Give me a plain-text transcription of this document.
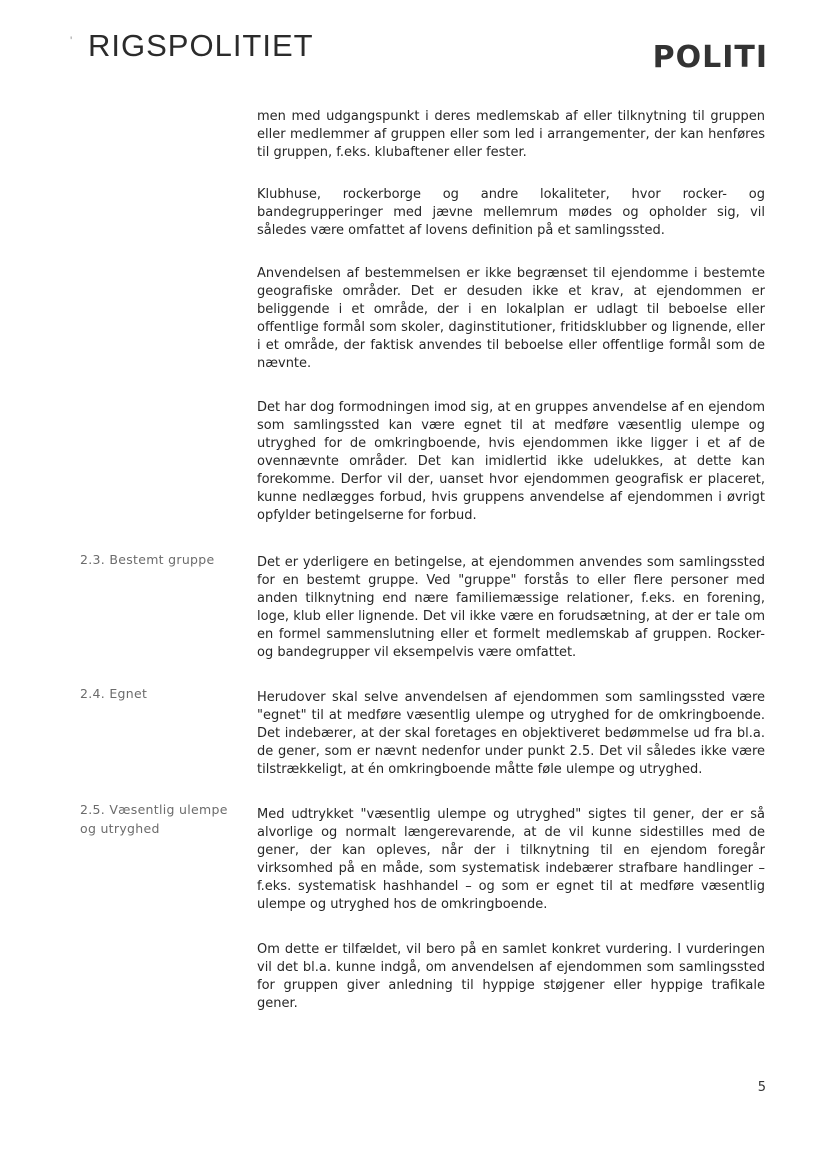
' RIGSPOLITIET	POLITI
men med udgangspunkt i deres medlemskab af eller tilknytning til gruppen eller medlemmer af gruppen eller som led i arrangementer, der kan henføres til gruppen, f.eks. klubaftener eller fester.
Klubhuse, rockerborge og andre lokaliteter, hvor rocker- og bandegrupperinger med jævne mellemrum mødes og opholder sig, vil således være omfattet af lovens definition på et samlingssted.
Anvendelsen af bestemmelsen er ikke begrænset til ejendomme i bestemte geografiske områder. Det er desuden ikke et krav, at ejendommen er beliggende i et område, der i en lokalplan er udlagt til beboelse eller offentlige formål som skoler, daginstitutioner, fritidsklubber og lignende, eller i et område, der faktisk anvendes til beboelse eller offentlige formål som de nævnte.
Det har dog formodningen imod sig, at en gruppes anvendelse af en ejendom som samlingssted kan være egnet til at medføre væsentlig ulempe og utryghed for de omkringboende, hvis ejendommen ikke ligger i et af de ovennævnte områder. Det kan imidlertid ikke udelukkes, at dette kan forekomme. Derfor vil der, uanset hvor ejendommen geografisk er placeret, kunne nedlægges forbud, hvis gruppens anvendelse af ejendommen i øvrigt opfylder betingelserne for forbud.
2.3. Bestemt gruppe	Det er yderligere en betingelse, at ejendommen anvendes som samlingssted for en bestemt gruppe. Ved "gruppe" forstås to eller flere personer med anden tilknytning end nære familiemæssige relationer, f.eks. en forening, loge, klub eller lignende. Det vil ikke være en forudsætning, at der er tale om en formel sammenslutning eller et formelt medlemskab af gruppen. Rocker- og bandegrupper vil eksempelvis være omfattet.
2.4. Egnet	Herudover skal selve anvendelsen af ejendommen som samlingssted være "egnet" til at medføre væsentlig ulempe og utryghed for de omkringboende. Det indebærer, at der skal foretages en objektiveret bedømmelse ud fra bl.a. de gener, som er nævnt nedenfor under punkt 2.5. Det vil således ikke være tilstrækkeligt, at én omkringboende måtte føle ulempe og utryghed.
2.5. Væsentlig ulempe og utryghed
Med udtrykket "væsentlig ulempe og utryghed" sigtes til gener, der er så alvorlige og normalt længerevarende, at de vil kunne sidestilles med de gener, der kan opleves, når der i tilknytning til en ejendom foregår virksomhed på en måde, som systematisk indebærer strafbare handlinger – f.eks. systematisk hashhandel – og som er egnet til at medføre væsentlig ulempe og utryghed hos de omkringboende.
Om dette er tilfældet, vil bero på en samlet konkret vurdering. I vurderingen vil det bl.a. kunne indgå, om anvendelsen af ejendommen som samlingssted for gruppen giver anledning til hyppige støjgener eller hyppige trafikale gener.
5
